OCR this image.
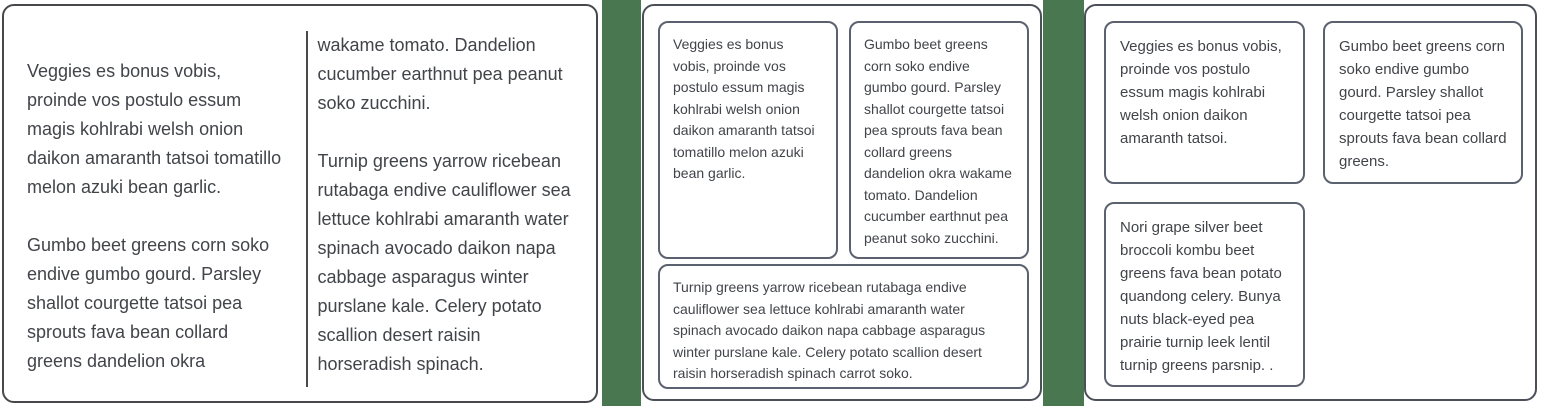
Veggies es bonus vobis, proinde vos postulo essum magis kohlrabi welsh onion daikon amaranth tatsoi tomatillo melon azuki bean garlic.

Gumbo beet greens corn soko endive gumbo gourd. Parsley shallot courgette tatsoi pea sprouts fava bean collard greens dandelion okra

wakame tomato. Dandelion cucumber earthnut pea peanut soko zucchini.

Turnip greens yarrow ricebean rutabaga endive cauliflower sea lettuce kohlrabi amaranth water spinach avocado daikon napa cabbage asparagus winter purslane kale. Celery potato scallion desert raisin horseradish spinach.

Veggies es bonus vobis, proinde vos postulo essum magis kohlrabi welsh onion daikon amaranth tatsoi tomatillo melon azuki bean garlic.
Gumbo beet greens corn soko endive gumbo gourd. Parsley shallot courgette tatsoi pea sprouts fava bean collard greens dandelion okra wakame tomato. Dandelion cucumber earthnut pea peanut soko zucchini.
Turnip greens yarrow ricebean rutabaga endive cauliflower sea lettuce kohlrabi amaranth water spinach avocado daikon napa cabbage asparagus winter purslane kale. Celery potato scallion desert raisin horseradish spinach carrot soko.
Veggies es bonus vobis, proinde vos postulo essum magis kohlrabi welsh onion daikon amaranth tatsoi.
Gumbo beet greens corn soko endive gumbo gourd. Parsley shallot courgette tatsoi pea sprouts fava bean collard greens.
Nori grape silver beet broccoli kombu beet greens fava bean potato quandong celery. Bunya nuts black-eyed pea prairie turnip leek lentil turnip greens parsnip. .
